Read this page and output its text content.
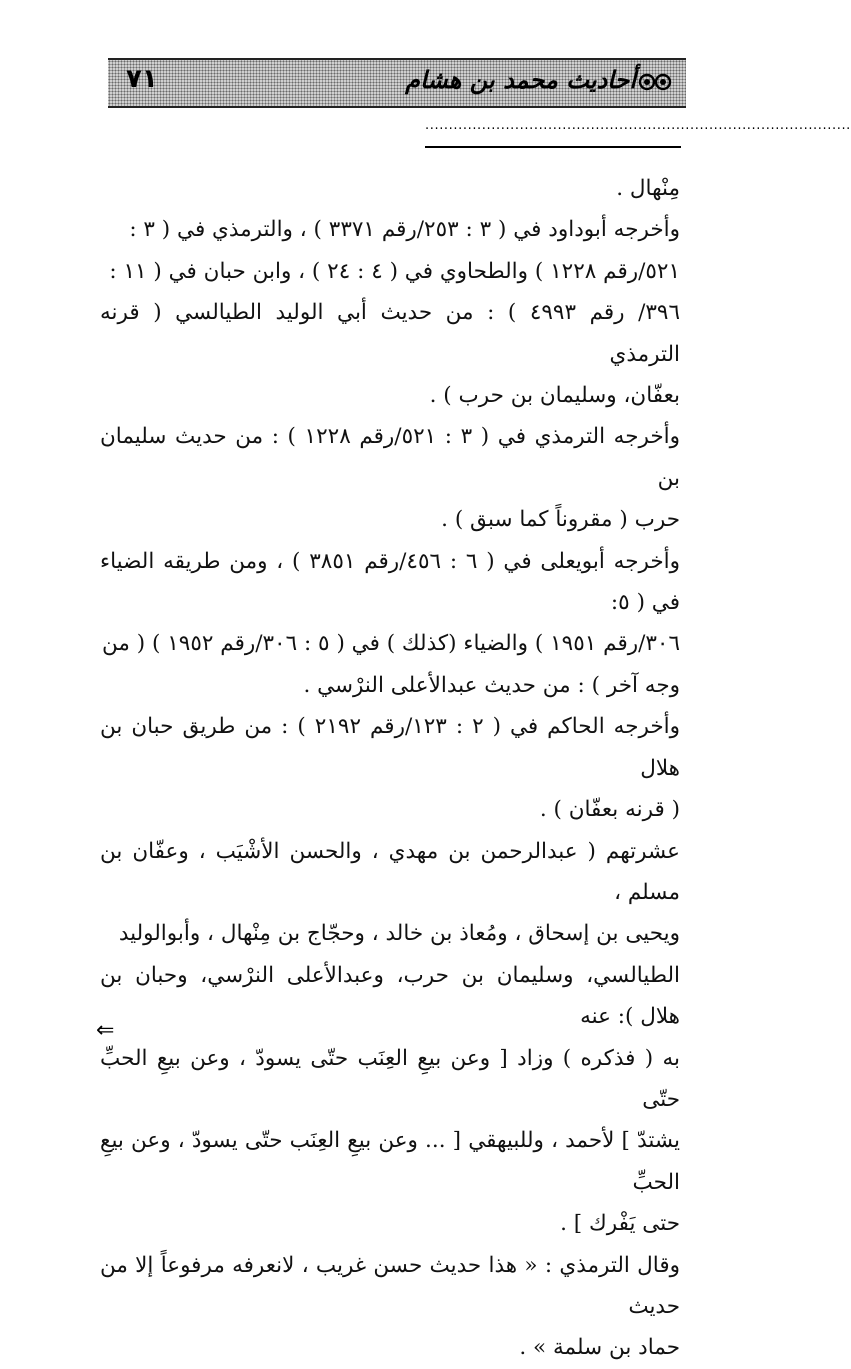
٧١	أحاديث محمد بن هشام
..........................................................................................

مِنْهال .

وأخرجه أبوداود في ( ٣ : ٢٥٣/رقم ٣٣٧١ ) ، والترمذي في ( ٣ :

٥٢١/رقم ١٢٢٨ ) والطحاوي في ( ٤ : ٢٤ ) ، وابن حبان في ( ١١ :

٣٩٦/ رقم ٤٩٩٣ ) : من حديث أبي الوليد الطيالسي ( قرنه الترمذي

بعفّان، وسليمان بن حرب ) .

وأخرجه الترمذي في ( ٣ : ٥٢١/رقم ١٢٢٨ ) : من حديث سليمان بن

حرب ( مقروناً كما سبق ) .

وأخرجه أبويعلى في ( ٦ : ٤٥٦/رقم ٣٨٥١ ) ، ومن طريقه الضياء في ( ٥:

٣٠٦/رقم ١٩٥١ ) والضياء (كذلك ) في ( ٥ : ٣٠٦/رقم ١٩٥٢ ) ( من

وجه آخر ) : من حديث عبدالأعلى النرْسي .

وأخرجه الحاكم في ( ٢ : ١٢٣/رقم ٢١٩٢ ) : من طريق حبان بن هلال

( قرنه بعفّان ) .

عشرتهم ( عبدالرحمن بن مهدي ، والحسن الأشْيَب ، وعفّان بن مسلم ،

ويحيى بن إسحاق ، ومُعاذ بن خالد ، وحجّاج بن مِنْهال ، وأبوالوليد

الطيالسي، وسليمان بن حرب، وعبدالأعلى النرْسي، وحبان بن هلال ): عنه

به ( فذكره ) وزاد [ وعن بيعِ العِنَب حتّى يسودّ ، وعن بيعِ الحبِّ حتّى

يشتدّ ] لأحمد ، وللبيهقي [ ... وعن بيعِ العِنَب حتّى يسودّ ، وعن بيعِ الحبِّ

حتى يَفْرك ] .

وقال الترمذي : « هذا حديث حسن غريب ، لانعرفه مرفوعاً إلا من حديث

حماد بن سلمة » .

⇐
